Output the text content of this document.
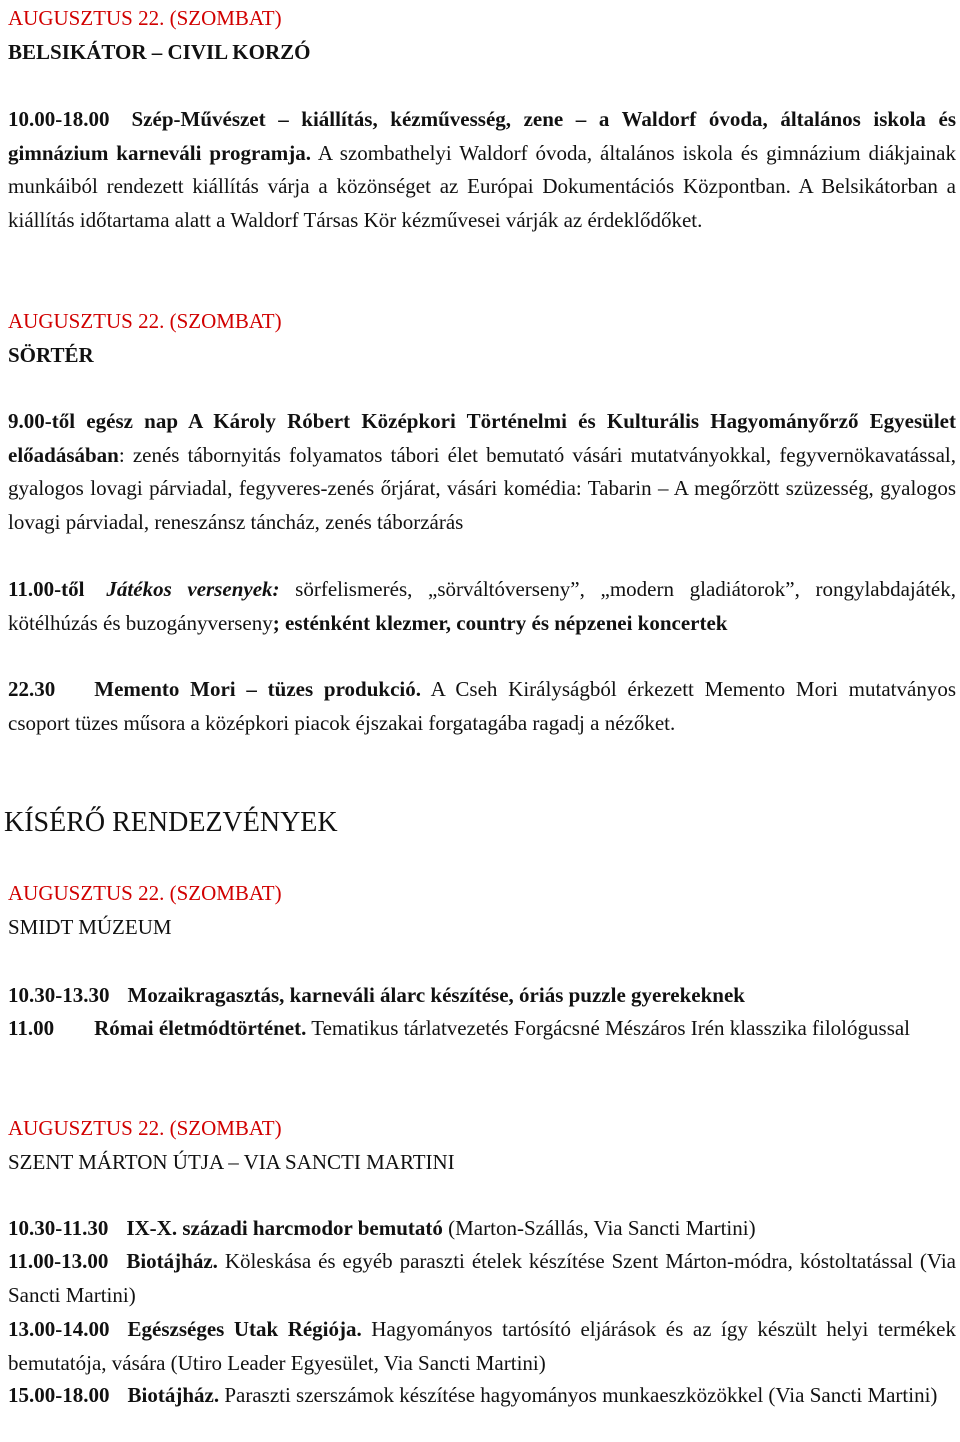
AUGUSZTUS 22. (SZOMBAT)
BELSIKÁTOR – CIVIL KORZÓ
10.00-18.00 Szép-Művészet – kiállítás, kézművesség, zene – a Waldorf óvoda, általános iskola és gimnázium karneváli programja. A szombathelyi Waldorf óvoda, általános iskola és gimnázium diákjainak munkáiból rendezett kiállítás várja a közönséget az Európai Dokumentációs Központban. A Belsikátorban a kiállítás időtartama alatt a Waldorf Társas Kör kézművesei várják az érdeklődőket.
AUGUSZTUS 22. (SZOMBAT)
SÖRTÉR
9.00-től egész nap A Károly Róbert Középkori Történelmi és Kulturális Hagyományőrző Egyesület előadásában: zenés tábornyitás folyamatos tábori élet bemutató vásári mutatványokkal, fegyvernökavatással, gyalogos lovagi párviadal, fegyveres-zenés őrjárat, vásári komédia: Tabarin – A megőrzött szüzesség, gyalogos lovagi párviadal, reneszánsz táncház, zenés táborzárás
11.00-től Játékos versenyek: sörfelismerés, „sörváltóverseny”, „modern gladiátorok”, rongylabdajáték, kötélhúzás és buzogányverseny; esténként klezmer, country és népzenei koncertek
22.30 Memento Mori – tüzes produkció. A Cseh Királyságból érkezett Memento Mori mutatványos csoport tüzes műsora a középkori piacok éjszakai forgatagába ragadj a nézőket.
KÍSÉRŐ RENDEZVÉNYEK
AUGUSZTUS 22. (SZOMBAT)
SMIDT MÚZEUM
10.30-13.30 Mozaikragasztás, karneváli álarc készítése, óriás puzzle gyerekeknek
11.00 Római életmódtörténet. Tematikus tárlatvezetés Forgácsné Mészáros Irén klasszika filológussal
AUGUSZTUS 22. (SZOMBAT)
SZENT MÁRTON ÚTJA – VIA SANCTI MARTINI
10.30-11.30 IX-X. századi harcmodor bemutató (Marton-Szállás, Via Sancti Martini)
11.00-13.00 Biotájház. Köleskása és egyéb paraszti ételek készítése Szent Márton-módra, kóstoltatással (Via Sancti Martini)
13.00-14.00 Egészséges Utak Régiója. Hagyományos tartósító eljárások és az így készült helyi termékek bemutatója, vására (Utiro Leader Egyesület, Via Sancti Martini)
15.00-18.00 Biotájház. Paraszti szerszámok készítése hagyományos munkaeszközökkel (Via Sancti Martini)
